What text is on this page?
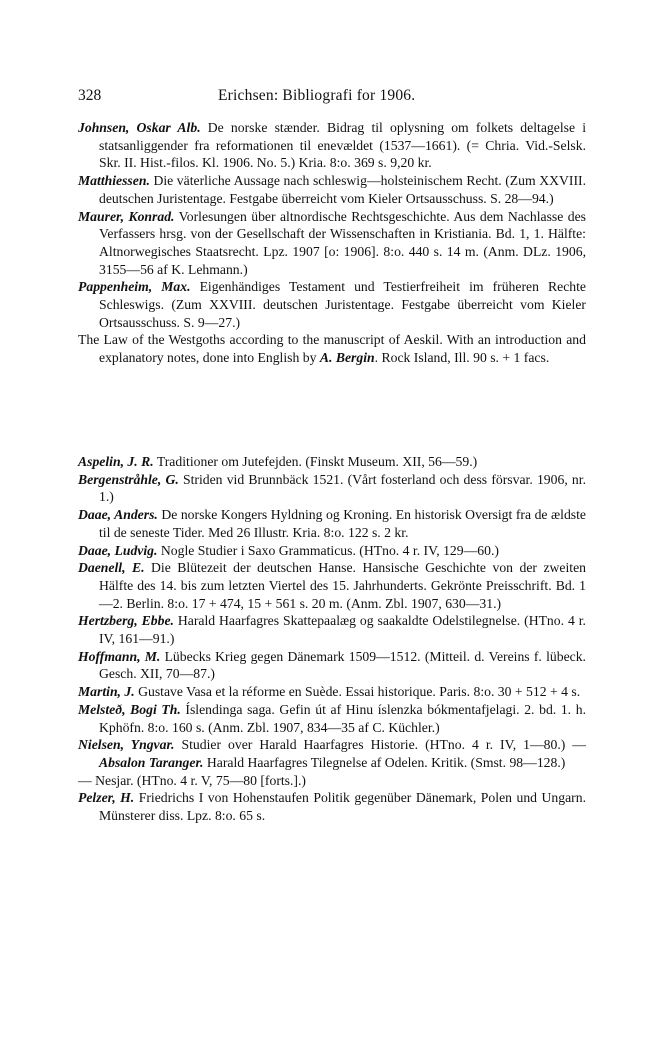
328	Erichsen: Bibliografi for 1906.

Johnsen, Oskar Alb. De norske stænder. Bidrag til oplysning om folkets deltagelse i statsanliggender fra reformationen til enevældet (1537—1661). (= Chria. Vid.-Selsk. Skr. II. Hist.-filos. Kl. 1906. No. 5.) Kria. 8:o. 369 s. 9,20 kr.

Matthiessen. Die väterliche Aussage nach schleswig—holsteinischem Recht. (Zum XXVIII. deutschen Juristentage. Festgabe überreicht vom Kieler Ortsausschuss. S. 28—94.)

Maurer, Konrad. Vorlesungen über altnordische Rechtsgeschichte. Aus dem Nachlasse des Verfassers hrsg. von der Gesellschaft der Wissenschaften in Kristiania. Bd. 1, 1. Hälfte: Altnorwegisches Staatsrecht. Lpz. 1907 [o: 1906]. 8:o. 440 s. 14 m. (Anm. DLz. 1906, 3155—56 af K. Lehmann.)

Pappenheim, Max. Eigenhändiges Testament und Testierfreiheit im früheren Rechte Schleswigs. (Zum XXVIII. deutschen Juristentage. Festgabe überreicht vom Kieler Ortsausschuss. S. 9—27.)

The Law of the Westgoths according to the manuscript of Aeskil. With an introduction and explanatory notes, done into English by A. Bergin. Rock Island, Ill. 90 s. + 1 facs.

Aspelin, J. R. Traditioner om Jutefejden. (Finskt Museum. XII, 56—59.)

Bergenstråhle, G. Striden vid Brunnbäck 1521. (Vårt fosterland och dess försvar. 1906, nr. 1.)

Daae, Anders. De norske Kongers Hyldning og Kroning. En historisk Oversigt fra de ældste til de seneste Tider. Med 26 Illustr. Kria. 8:o. 122 s. 2 kr.

Daae, Ludvig. Nogle Studier i Saxo Grammaticus. (HTno. 4 r. IV, 129—60.)

Daenell, E. Die Blütezeit der deutschen Hanse. Hansische Geschichte von der zweiten Hälfte des 14. bis zum letzten Viertel des 15. Jahrhunderts. Gekrönte Preisschrift. Bd. 1—2. Berlin. 8:o. 17 + 474, 15 + 561 s. 20 m. (Anm. Zbl. 1907, 630—31.)

Hertzberg, Ebbe. Harald Haarfagres Skattepaalæg og saakaldte Odelstilegnelse. (HTno. 4 r. IV, 161—91.)

Hoffmann, M. Lübecks Krieg gegen Dänemark 1509—1512. (Mitteil. d. Vereins f. lübeck. Gesch. XII, 70—87.)

Martin, J. Gustave Vasa et la réforme en Suède. Essai historique. Paris. 8:o. 30 + 512 + 4 s.

Melsteð, Bogi Th. Íslendinga saga. Gefin út af Hinu íslenzka bókmentafjelagi. 2. bd. 1. h. Kphöfn. 8:o. 160 s. (Anm. Zbl. 1907, 834—35 af C. Küchler.)

Nielsen, Yngvar. Studier over Harald Haarfagres Historie. (HTno. 4 r. IV, 1—80.) — Absalon Taranger. Harald Haarfagres Tilegnelse af Odelen. Kritik. (Smst. 98—128.)

— Nesjar. (HTno. 4 r. V, 75—80 [forts.].)

Pelzer, H. Friedrichs I von Hohenstaufen Politik gegenüber Dänemark, Polen und Ungarn. Münsterer diss. Lpz. 8:o. 65 s.
